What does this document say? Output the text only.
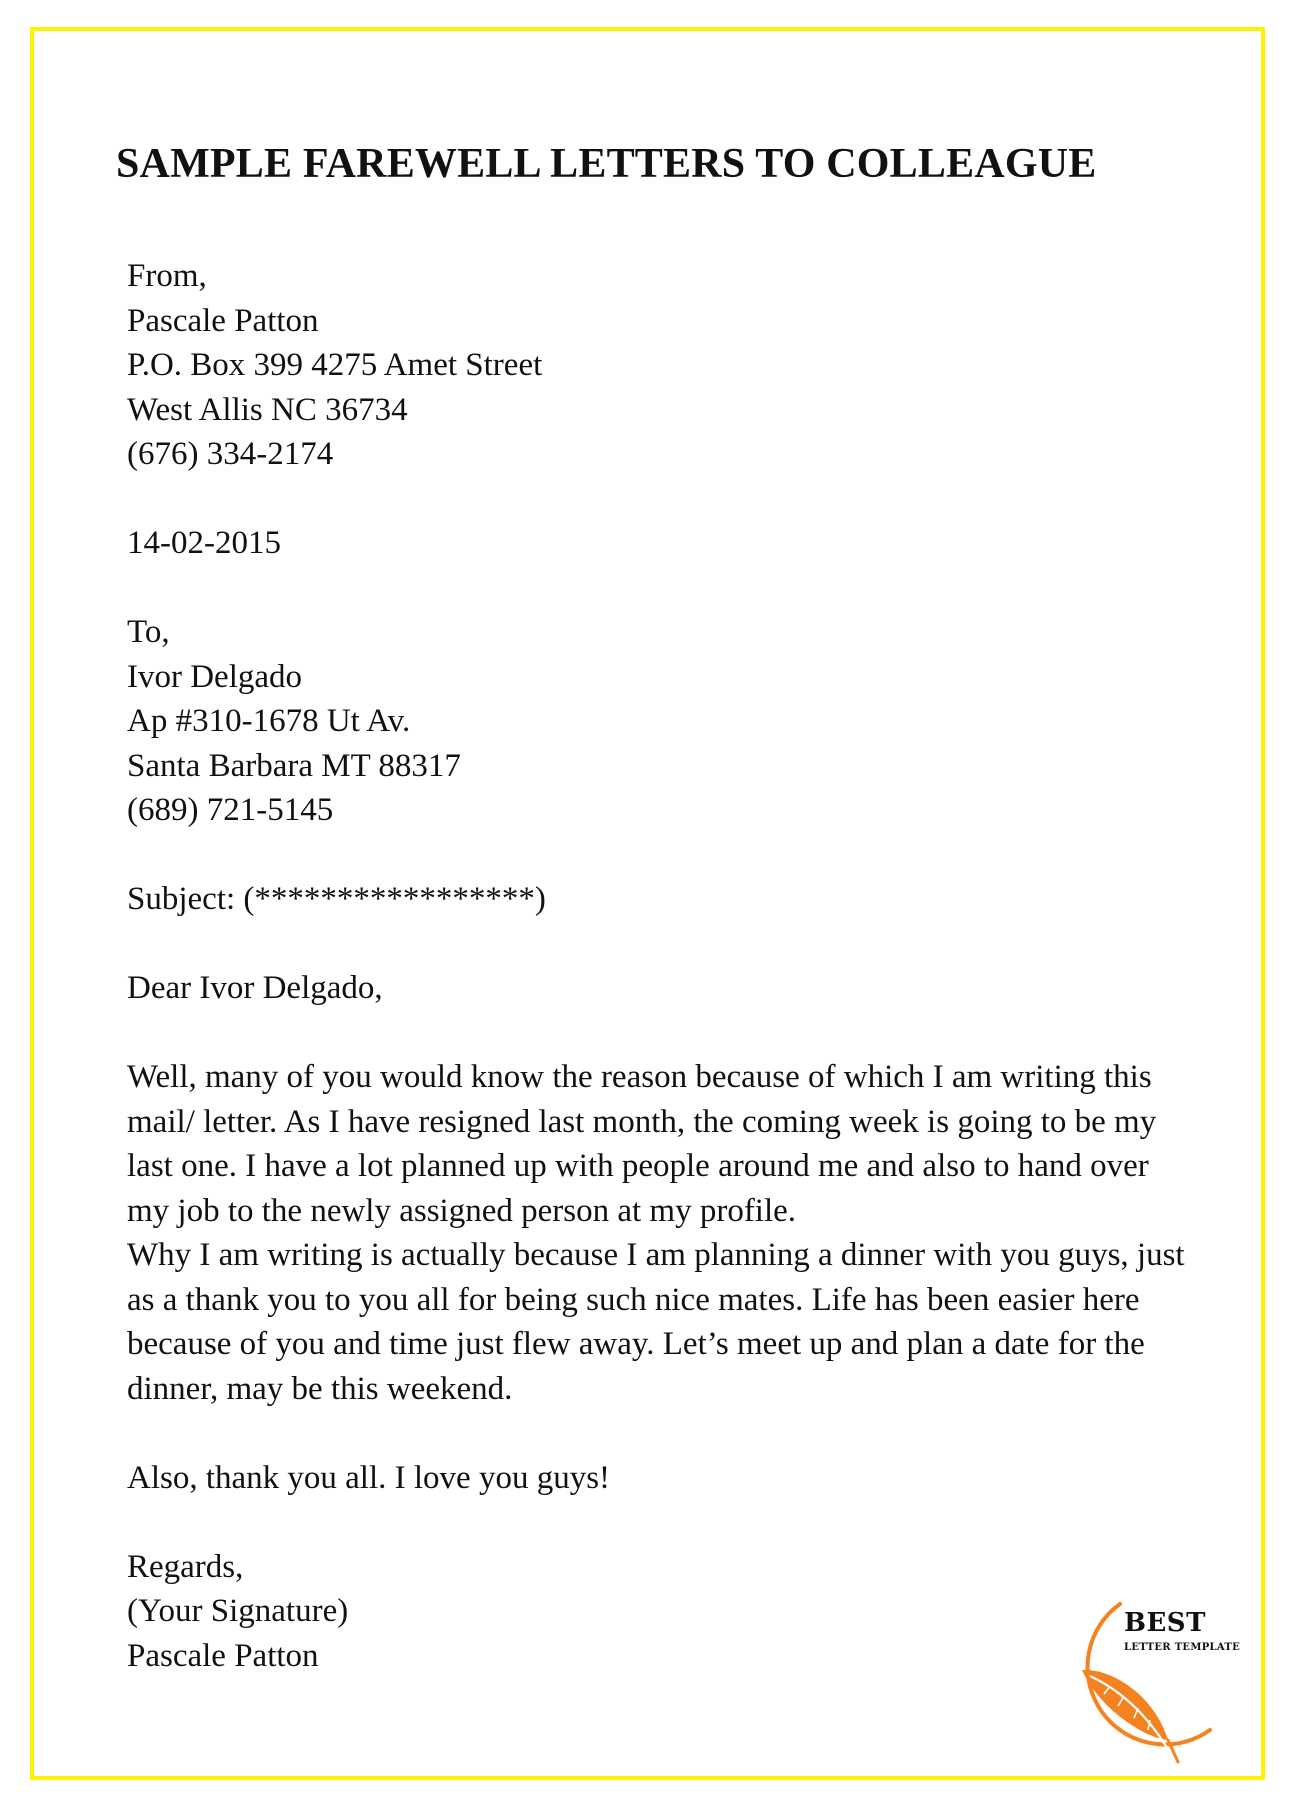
SAMPLE FAREWELL LETTERS TO COLLEAGUE
From,
Pascale Patton
P.O. Box 399 4275 Amet Street
West Allis NC 36734
(676) 334-2174
14-02-2015
To,
Ivor Delgado
Ap #310-1678 Ut Av.
Santa Barbara MT 88317
(689) 721-5145
Subject: (*****************)
Dear Ivor Delgado,
Well, many of you would know the reason because of which I am writing this mail/ letter. As I have resigned last month, the coming week is going to be my last one. I have a lot planned up with people around me and also to hand over my job to the newly assigned person at my profile.
Why I am writing is actually because I am planning a dinner with you guys, just as a thank you to you all for being such nice mates. Life has been easier here because of you and time just flew away. Let’s meet up and plan a date for the dinner, may be this weekend.
Also, thank you all. I love you guys!
Regards,
(Your Signature)
Pascale Patton
BEST
LETTER TEMPLATE
